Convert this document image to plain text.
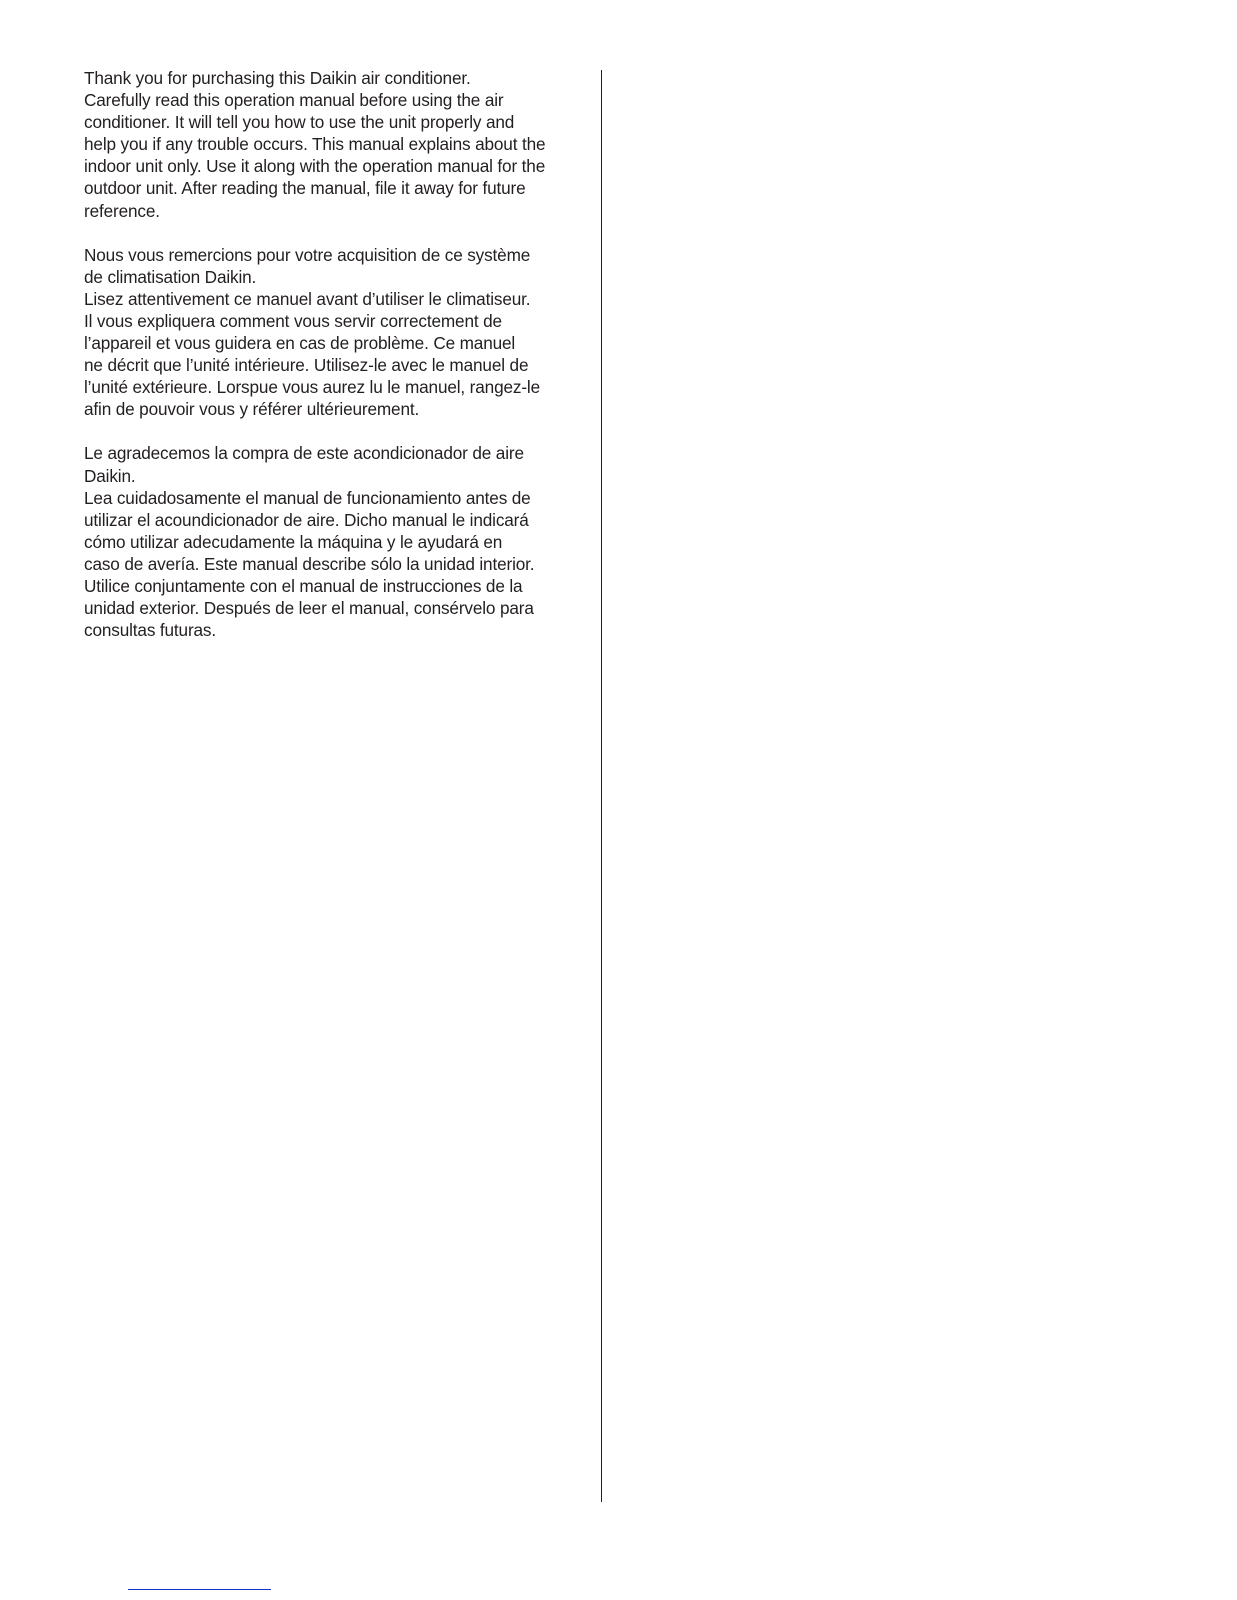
Thank you for purchasing this Daikin air conditioner.
Carefully read this operation manual before using the air
conditioner. It will tell you how to use the unit properly and
help you if any trouble occurs. This manual explains about the
indoor unit only. Use it along with the operation manual for the
outdoor unit. After reading the manual, file it away for future
reference.
Nous vous remercions pour votre acquisition de ce système
de climatisation Daikin.
Lisez attentivement ce manuel avant d’utiliser le climatiseur.
Il vous expliquera comment vous servir correctement de
l’appareil et vous guidera en cas de problème. Ce manuel
ne décrit que l’unité intérieure. Utilisez-le avec le manuel de
l’unité extérieure. Lorspue vous aurez lu le manuel, rangez-le
afin de pouvoir vous y référer ultérieurement.
Le agradecemos la compra de este acondicionador de aire
Daikin.
Lea cuidadosamente el manual de funcionamiento antes de
utilizar el acoundicionador de aire. Dicho manual le indicará
cómo utilizar adecudamente la máquina y le ayudará en
caso de avería. Este manual describe sólo la unidad interior.
Utilice conjuntamente con el manual de instrucciones de la
unidad exterior. Después de leer el manual, consérvelo para
consultas futuras.
